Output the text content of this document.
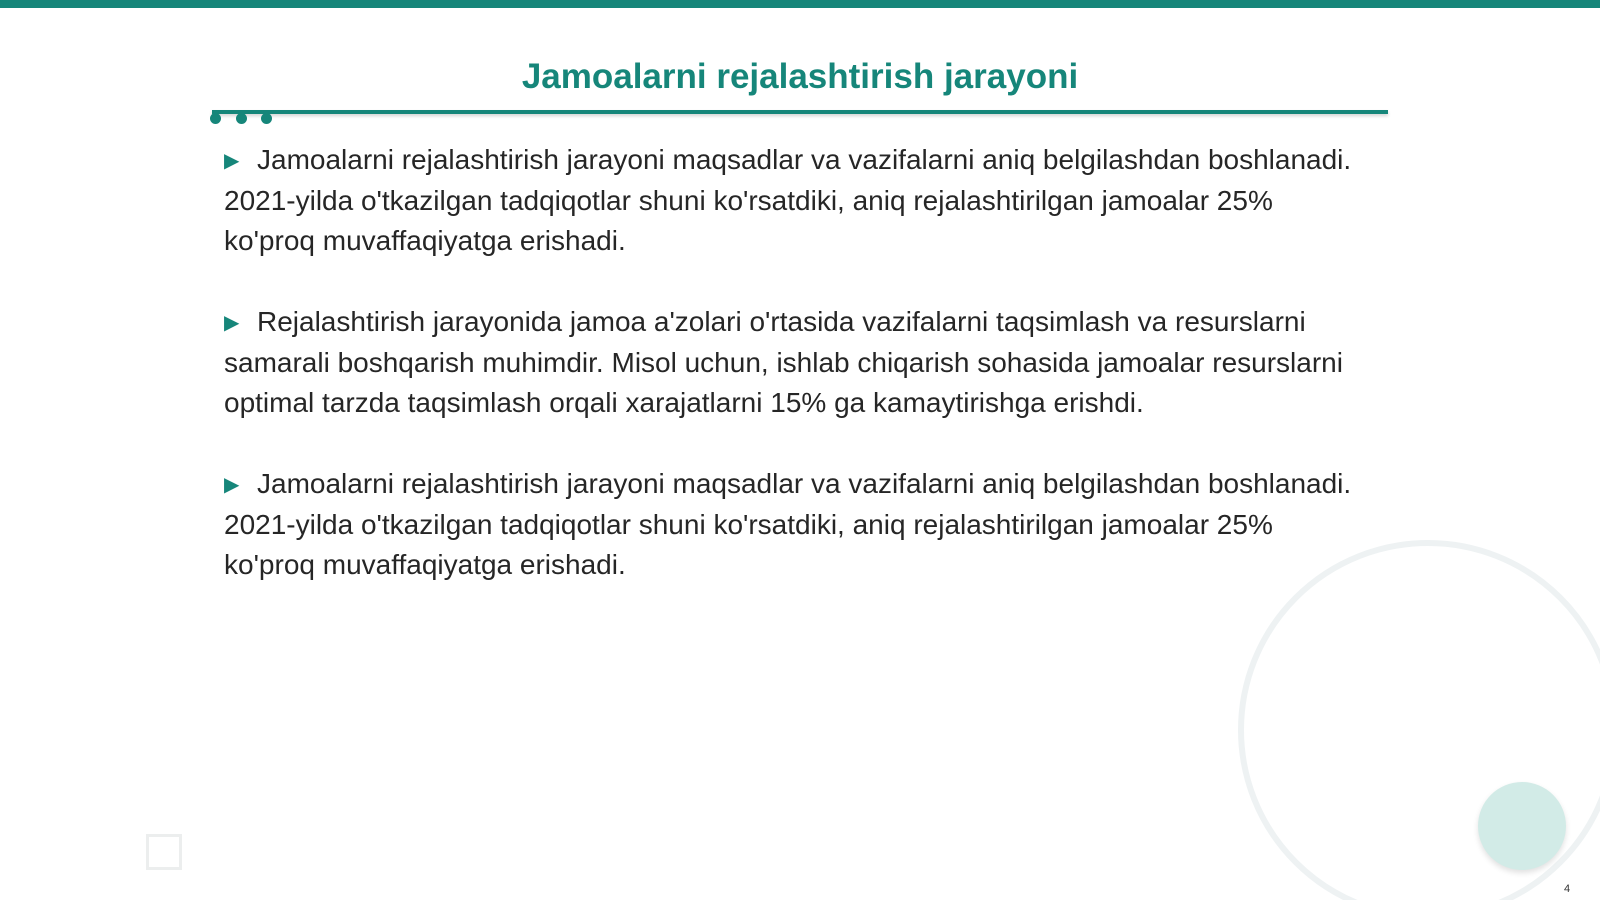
Jamoalarni rejalashtirish jarayoni

▶ Jamoalarni rejalashtirish jarayoni maqsadlar va vazifalarni aniq belgilashdan boshlanadi. 2021-yilda o'tkazilgan tadqiqotlar shuni ko'rsatdiki, aniq rejalashtirilgan jamoalar 25% ko'proq muvaffaqiyatga erishadi.

▶ Rejalashtirish jarayonida jamoa a'zolari o'rtasida vazifalarni taqsimlash va resurslarni samarali boshqarish muhimdir. Misol uchun, ishlab chiqarish sohasida jamoalar resurslarni optimal tarzda taqsimlash orqali xarajatlarni 15% ga kamaytirishga erishdi.

▶ Jamoalarni rejalashtirish jarayoni maqsadlar va vazifalarni aniq belgilashdan boshlanadi. 2021-yilda o'tkazilgan tadqiqotlar shuni ko'rsatdiki, aniq rejalashtirilgan jamoalar 25% ko'proq muvaffaqiyatga erishadi.

4
